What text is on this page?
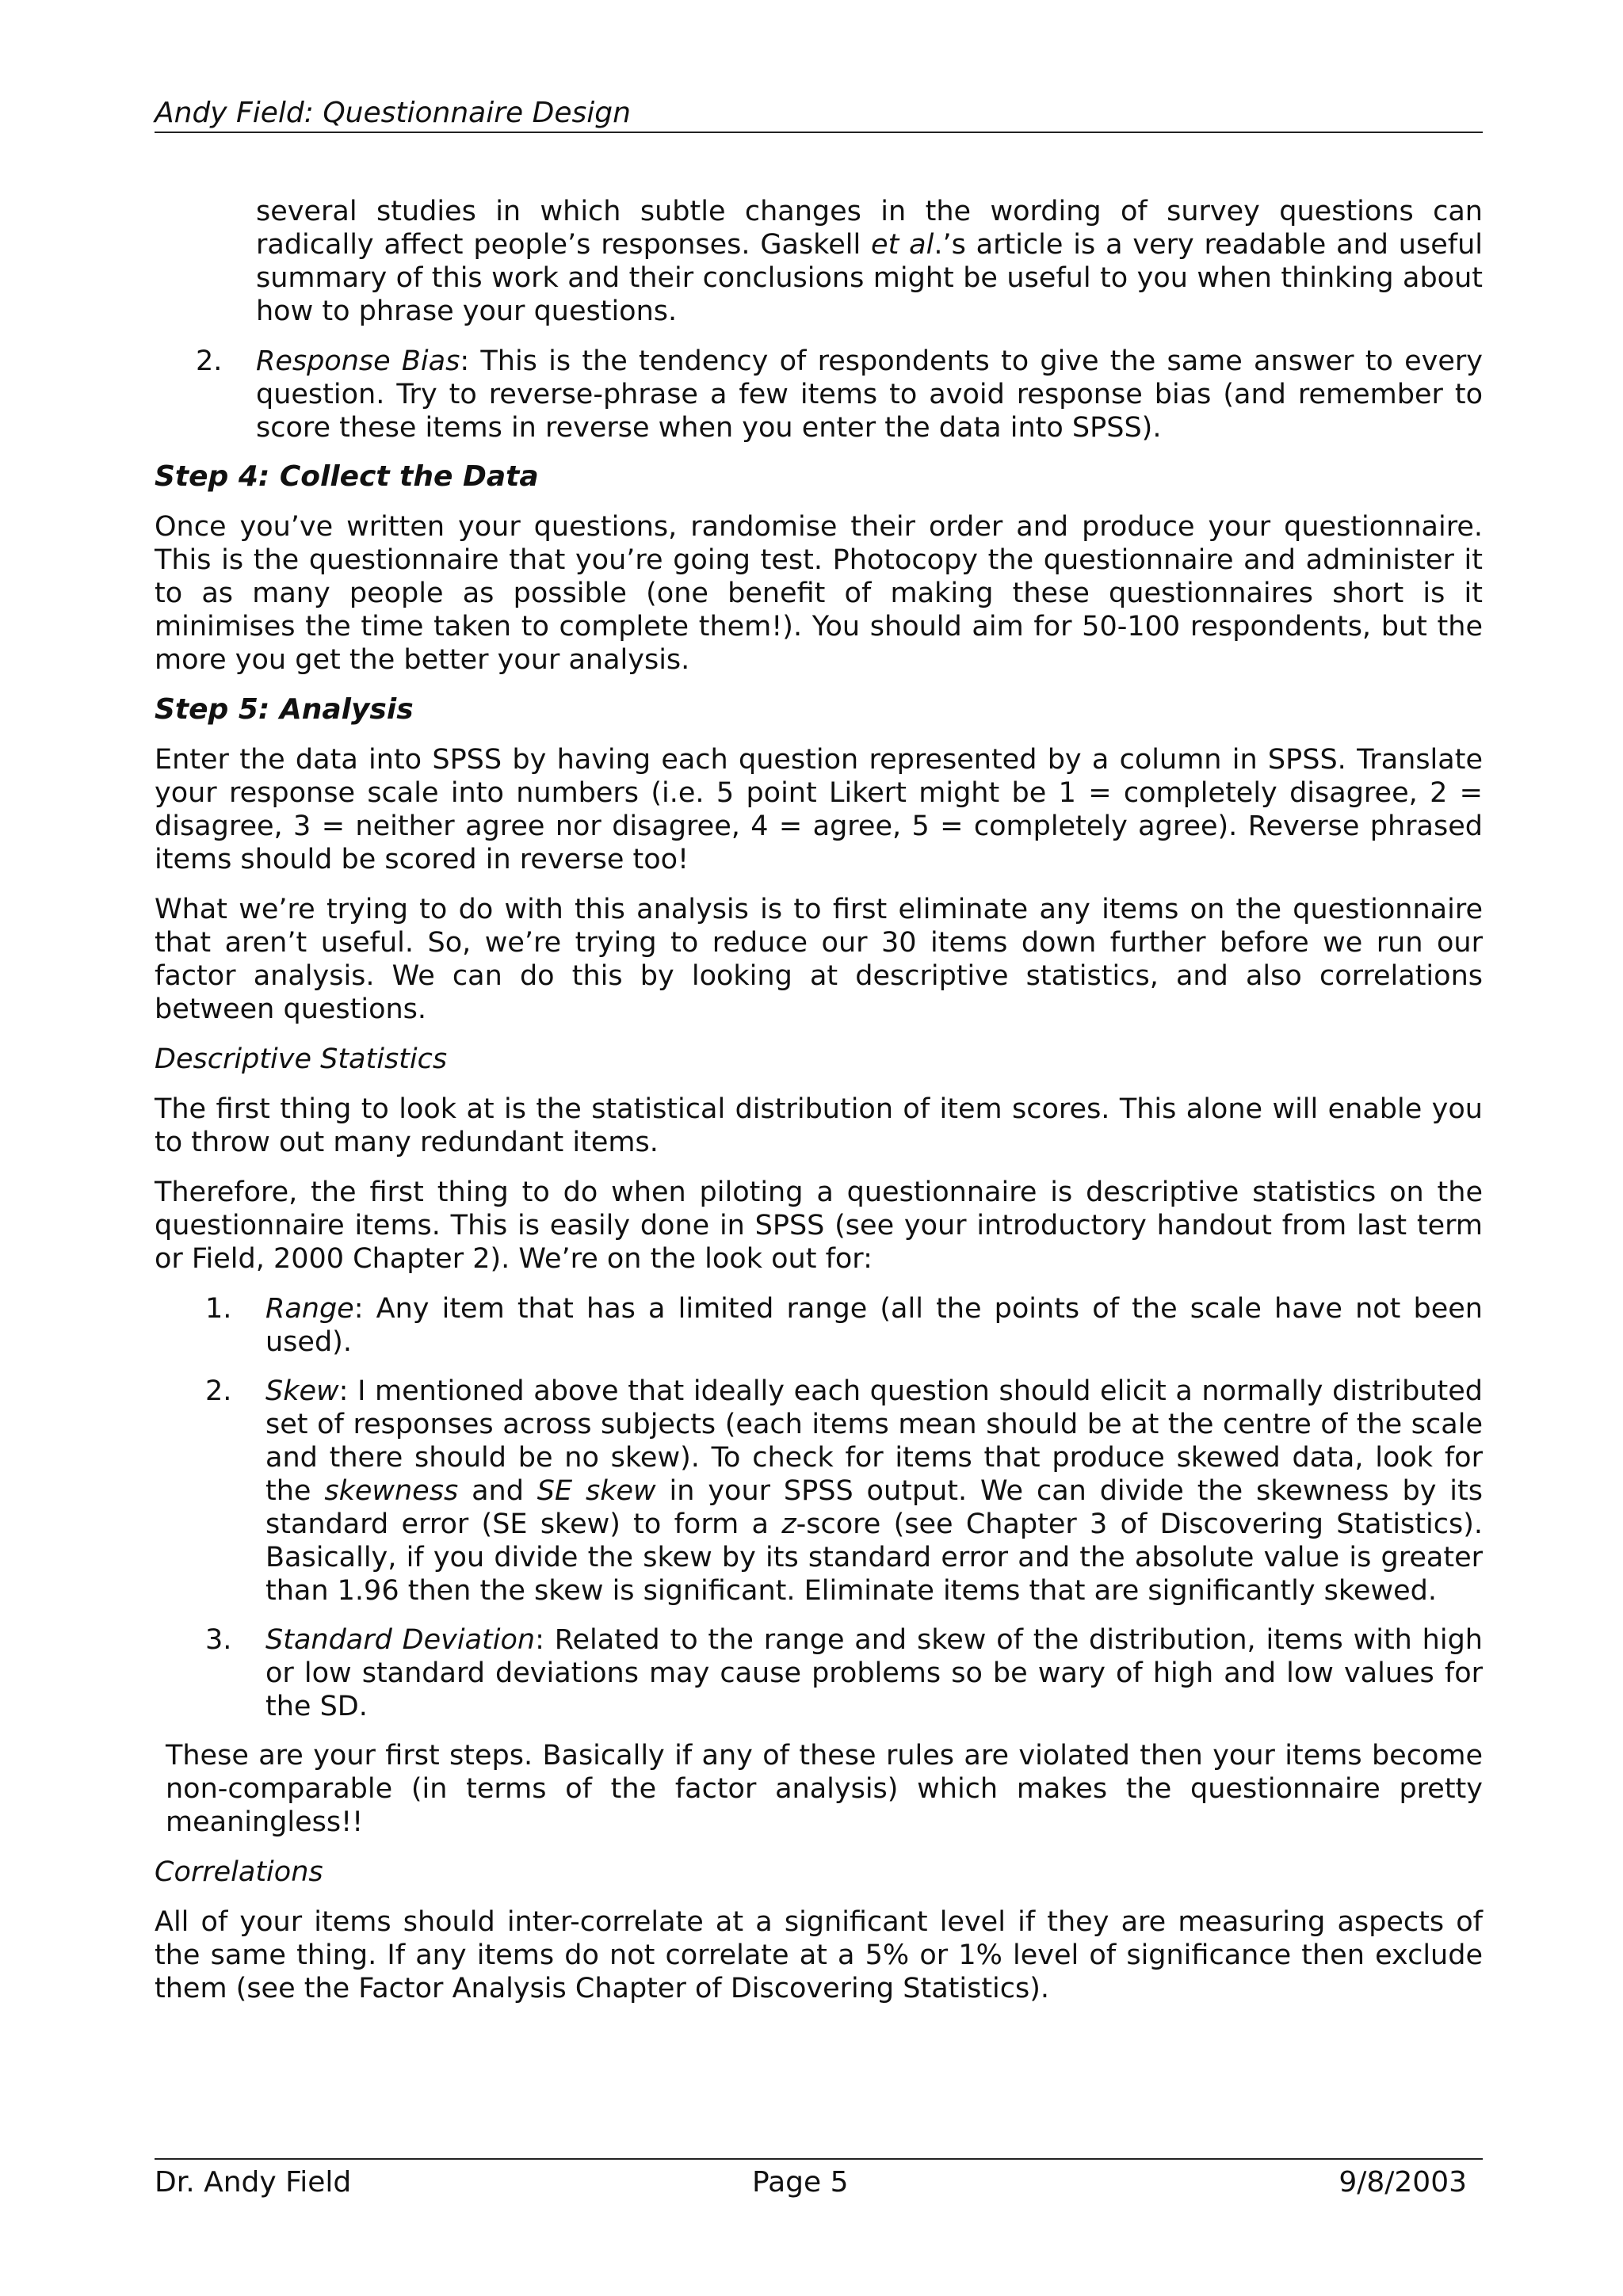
Andy Field: Questionnaire Design

several studies in which subtle changes in the wording of survey questions can radically affect people’s responses. Gaskell et al.’s article is a very readable and useful summary of this work and their conclusions might be useful to you when thinking about how to phrase your questions.

2.	Response Bias: This is the tendency of respondents to give the same answer to every question. Try to reverse-phrase a few items to avoid response bias (and remember to score these items in reverse when you enter the data into SPSS).

Step 4: Collect the Data

Once you’ve written your questions, randomise their order and produce your questionnaire. This is the questionnaire that you’re going test. Photocopy the questionnaire and administer it to as many people as possible (one benefit of making these questionnaires short is it minimises the time taken to complete them!). You should aim for 50-100 respondents, but the more you get the better your analysis.

Step 5: Analysis

Enter the data into SPSS by having each question represented by a column in SPSS. Translate your response scale into numbers (i.e. 5 point Likert might be 1 = completely disagree, 2 = disagree, 3 = neither agree nor disagree, 4 = agree, 5 = completely agree). Reverse phrased items should be scored in reverse too!

What we’re trying to do with this analysis is to first eliminate any items on the questionnaire that aren’t useful. So, we’re trying to reduce our 30 items down further before we run our factor analysis. We can do this by looking at descriptive statistics, and also correlations between questions.

Descriptive Statistics

The first thing to look at is the statistical distribution of item scores. This alone will enable you to throw out many redundant items.

Therefore, the first thing to do when piloting a questionnaire is descriptive statistics on the questionnaire items. This is easily done in SPSS (see your introductory handout from last term or Field, 2000 Chapter 2). We’re on the look out for:

1.	Range: Any item that has a limited range (all the points of the scale have not been used).
2.	Skew: I mentioned above that ideally each question should elicit a normally distributed set of responses across subjects (each items mean should be at the centre of the scale and there should be no skew). To check for items that produce skewed data, look for the skewness and SE skew in your SPSS output. We can divide the skewness by its standard error (SE skew) to form a z-score (see Chapter 3 of Discovering Statistics). Basically, if you divide the skew by its standard error and the absolute value is greater than 1.96 then the skew is significant. Eliminate items that are significantly skewed.
3.	Standard Deviation: Related to the range and skew of the distribution, items with high or low standard deviations may cause problems so be wary of high and low values for the SD.

These are your first steps. Basically if any of these rules are violated then your items become non-comparable (in terms of the factor analysis) which makes the questionnaire pretty meaningless!!

Correlations

All of your items should inter-correlate at a significant level if they are measuring aspects of the same thing. If any items do not correlate at a 5% or 1% level of significance then exclude them (see the Factor Analysis Chapter of Discovering Statistics).

Dr. Andy Field	Page 5	9/8/2003
